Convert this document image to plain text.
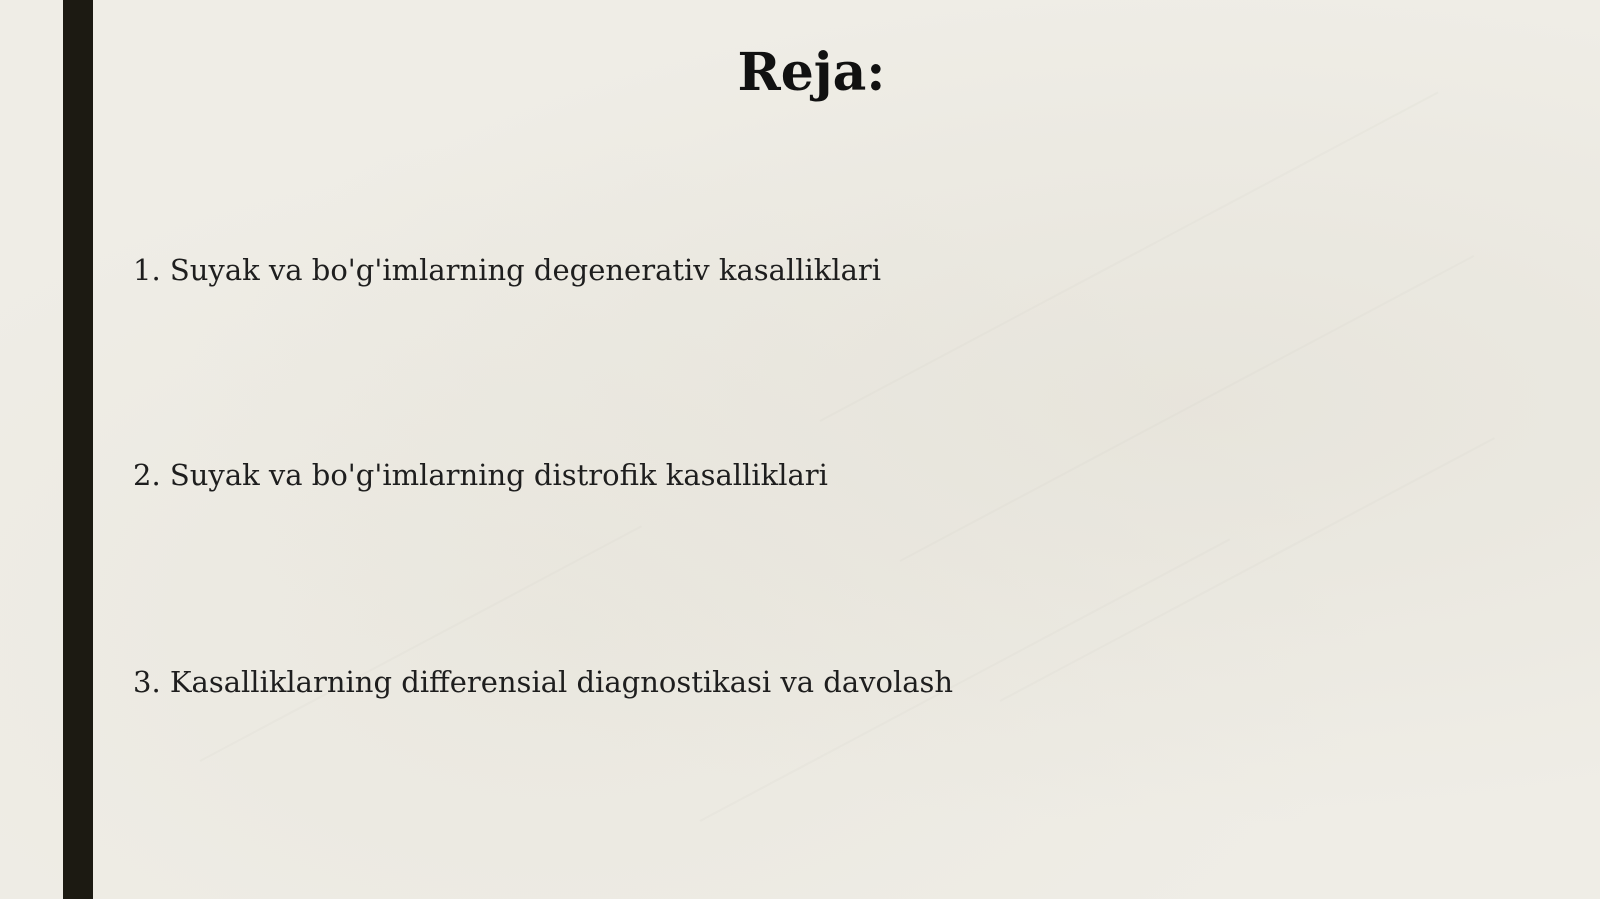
Reja:

1. Suyak va bo'g'imlarning degenerativ kasalliklari

2. Suyak va bo'g'imlarning distrofik kasalliklari

3. Kasalliklarning differensial diagnostikasi va davolash
